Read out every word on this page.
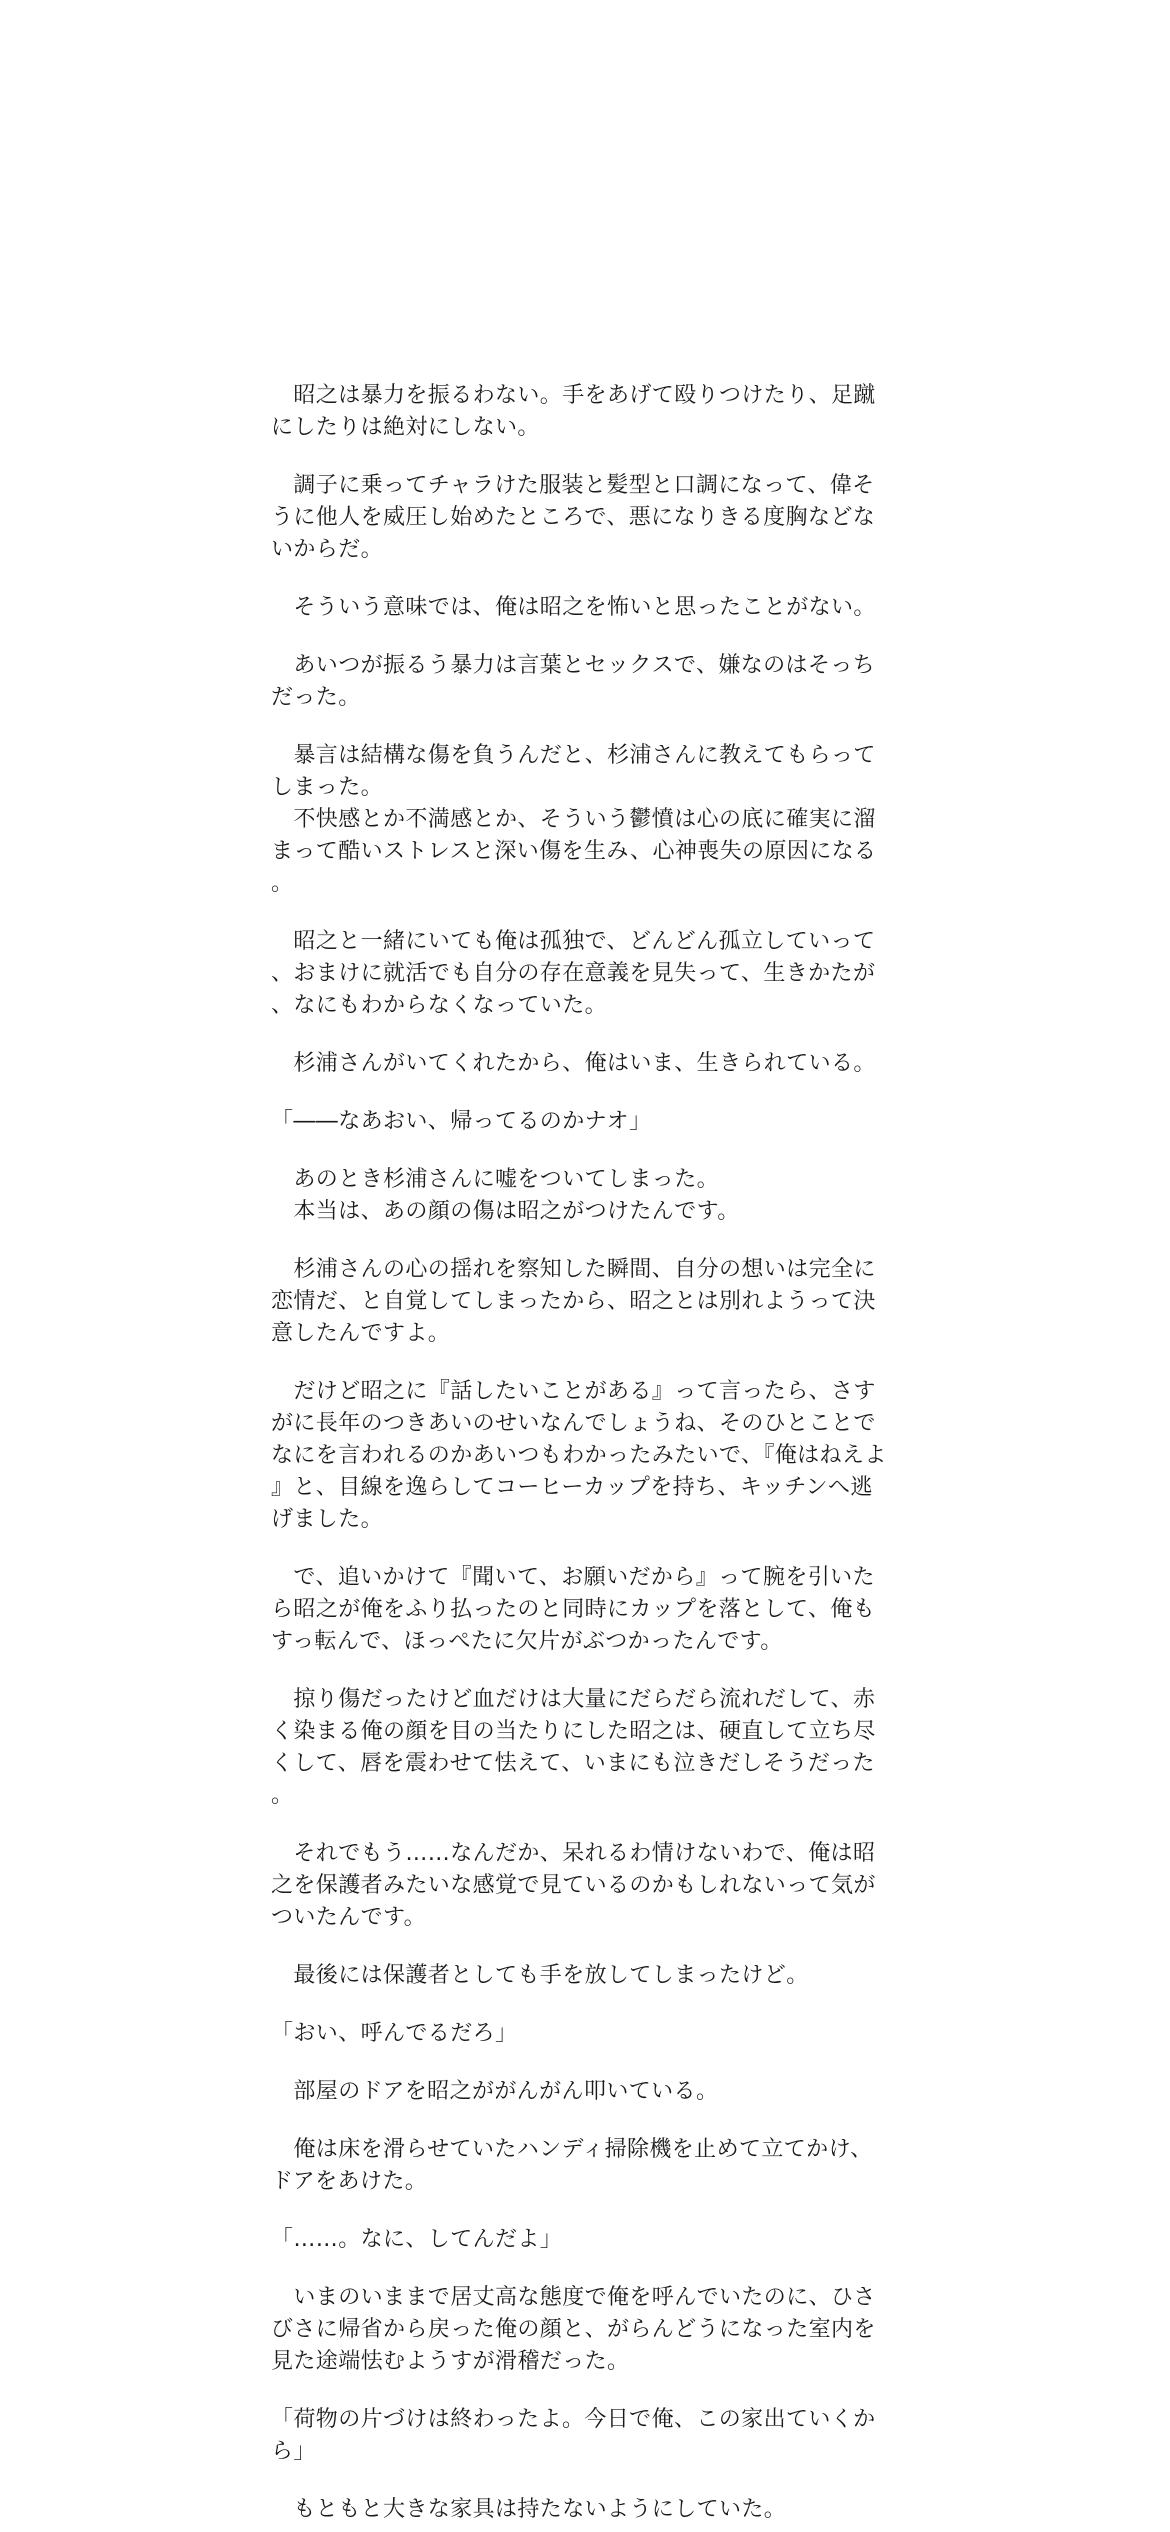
　昭之は暴力を振るわない。手をあげて殴りつけたり、足蹴にしたりは絶対にしない。

　調子に乗ってチャラけた服装と髪型と口調になって、偉そうに他人を威圧し始めたところで、悪になりきる度胸などないからだ。

　そういう意味では、俺は昭之を怖いと思ったことがない。

　あいつが振るう暴力は言葉とセックスで、嫌なのはそっちだった。

　暴言は結構な傷を負うんだと、杉浦さんに教えてもらってしまった。
　不快感とか不満感とか、そういう鬱憤は心の底に確実に溜まって酷いストレスと深い傷を生み、心神喪失の原因になる。

　昭之と一緒にいても俺は孤独で、どんどん孤立していって、おまけに就活でも自分の存在意義を見失って、生きかたが、なにもわからなくなっていた。

　杉浦さんがいてくれたから、俺はいま、生きられている。

「――なあおい、帰ってるのかナオ」

　あのとき杉浦さんに嘘をついてしまった。
　本当は、あの顔の傷は昭之がつけたんです。

　杉浦さんの心の揺れを察知した瞬間、自分の想いは完全に恋情だ、と自覚してしまったから、昭之とは別れようって決意したんですよ。

　だけど昭之に『話したいことがある』って言ったら、さすがに長年のつきあいのせいなんでしょうね、そのひとことでなにを言われるのかあいつもわかったみたいで、『俺はねえよ』と、目線を逸らしてコーヒーカップを持ち、キッチンへ逃げました。

　で、追いかけて『聞いて、お願いだから』って腕を引いたら昭之が俺をふり払ったのと同時にカップを落として、俺もすっ転んで、ほっぺたに欠片がぶつかったんです。

　掠り傷だったけど血だけは大量にだらだら流れだして、赤く染まる俺の顔を目の当たりにした昭之は、硬直して立ち尽くして、唇を震わせて怯えて、いまにも泣きだしそうだった。

　それでもう……なんだか、呆れるわ情けないわで、俺は昭之を保護者みたいな感覚で見ているのかもしれないって気がついたんです。

　最後には保護者としても手を放してしまったけど。

「おい、呼んでるだろ」

　部屋のドアを昭之ががんがん叩いている。

　俺は床を滑らせていたハンディ掃除機を止めて立てかけ、ドアをあけた。

「……。なに、してんだよ」

　いまのいままで居丈高な態度で俺を呼んでいたのに、ひさびさに帰省から戻った俺の顔と、がらんどうになった室内を見た途端怯むようすが滑稽だった。

「荷物の片づけは終わったよ。今日で俺、この家出ていくから」

　もともと大きな家具は持たないようにしていた。
